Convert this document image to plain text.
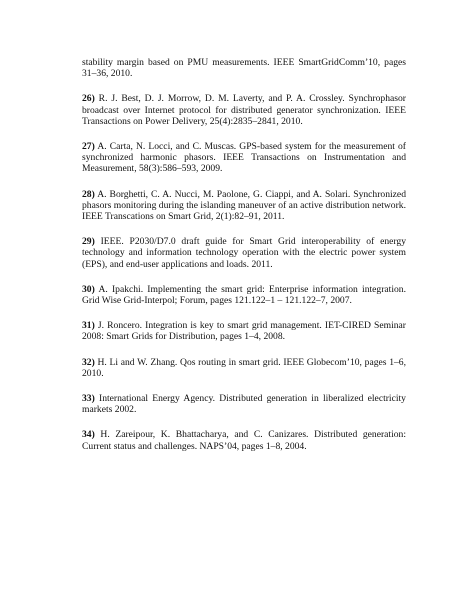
stability margin based on PMU measurements. IEEE SmartGridComm’10, pages 31–36, 2010.

26) R. J. Best, D. J. Morrow, D. M. Laverty, and P. A. Crossley. Synchrophasor broadcast over Internet protocol for distributed generator synchronization. IEEE Transactions on Power Delivery, 25(4):2835–2841, 2010.

27) A. Carta, N. Locci, and C. Muscas. GPS-based system for the measurement of synchronized harmonic phasors. IEEE Transactions on Instrumentation and Measurement, 58(3):586–593, 2009.

28) A. Borghetti, C. A. Nucci, M. Paolone, G. Ciappi, and A. Solari. Synchronized phasors monitoring during the islanding maneuver of an active distribution network. IEEE Transcations on Smart Grid, 2(1):82–91, 2011.

29) IEEE. P2030/D7.0 draft guide for Smart Grid interoperability of energy technology and information technology operation with the electric power system (EPS), and end-user applications and loads. 2011.

30) A. Ipakchi. Implementing the smart grid: Enterprise information integration. Grid Wise Grid-Interpol; Forum, pages 121.122–1 – 121.122–7, 2007.

31) J. Roncero. Integration is key to smart grid management. IET-CIRED Seminar 2008: Smart Grids for Distribution, pages 1–4, 2008.

32) H. Li and W. Zhang. Qos routing in smart grid. IEEE Globecom’10, pages 1–6, 2010.

33) International Energy Agency. Distributed generation in liberalized electricity markets 2002.

34) H. Zareipour, K. Bhattacharya, and C. Canizares. Distributed generation: Current status and challenges. NAPS’04, pages 1–8, 2004.
